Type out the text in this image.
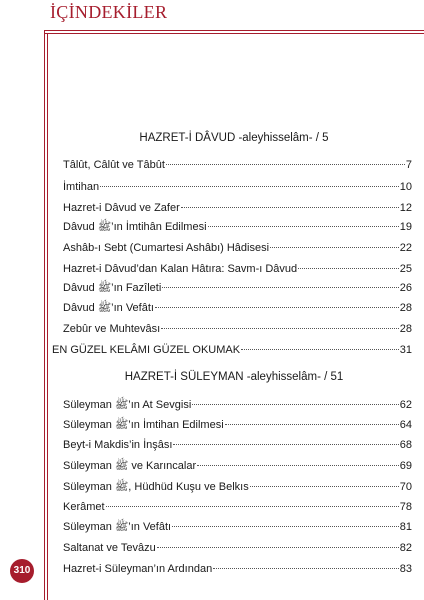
İÇİNDEKİLER
HAZRET-İ DÂVUD -aleyhisselâm- / 5
Tâlût, Câlût ve Tâbût	7
İmtihan	10
Hazret-i Dâvud ve Zafer	12
Dâvud ﷺ’ın İmtihân Edilmesi	19
Ashâb-ı Sebt (Cumartesi Ashâbı) Hâdisesi	22
Hazret-i Dâvud’dan Kalan Hâtıra: Savm-ı Dâvud	25
Dâvud ﷺ’ın Fazîleti	26
Dâvud ﷺ’ın Vefâtı	28
Zebûr ve Muhtevâsı	28
EN GÜZEL KELÂMI GÜZEL OKUMAK	31
HAZRET-İ SÜLEYMAN -aleyhisselâm- / 51
Süleyman ﷺ’ın At Sevgisi	62
Süleyman ﷺ’ın İmtihan Edilmesi	64
Beyt-i Makdis’in İnşâsı	68
Süleyman ﷺ ve Karıncalar	69
Süleyman ﷺ, Hüdhüd Kuşu ve Belkıs	70
Kerâmet	78
Süleyman ﷺ’ın Vefâtı	81
Saltanat ve Tevâzu	82
Hazret-i Süleyman’ın Ardından	83
310
